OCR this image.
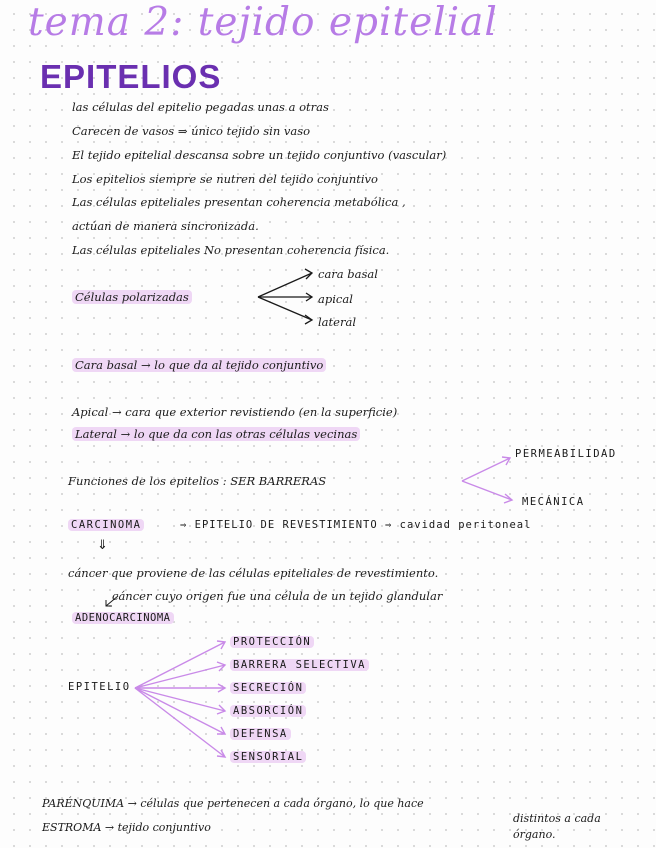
tema 2: tejido epitelial
EPITELIOS
las células del epitelio pegadas unas a otras
Carecen de vasos ⇒ único tejido sin vaso
El tejido epitelial descansa sobre un tejido conjuntivo (vascular)
Los epitelios siempre se nutren del tejido conjuntivo
Las células epiteliales presentan coherencia metabólica ,
actúan de manera sincronizada.
Las células epiteliales No presentan coherencia física.
Células polarizadas
cara basal
apical
lateral
Cara basal → lo que da al tejido conjuntivo
Apical → cara que exterior revistiendo (en la superficie)
Lateral → lo que da con las otras células vecinas
Funciones de los epitelios : SER BARRERAS
PERMEABILIDAD
MECÁNICA
CARCINOMA	⇒ EPITELIO DE REVESTIMIENTO ⇒ cavidad peritoneal
⇓
cáncer que proviene de las células epiteliales de revestimiento.
cáncer cuyo origen fue una célula de un tejido glandular
ADENOCARCINOMA
EPITELIO
PROTECCIÓN
BARRERA SELECTIVA
SECRECIÓN
ABSORCIÓN
DEFENSA
SENSORIAL
PARÉNQUIMA → células que pertenecen a cada órgano, lo que hace
distintos a cada
órgano.
ESTROMA → tejido conjuntivo
